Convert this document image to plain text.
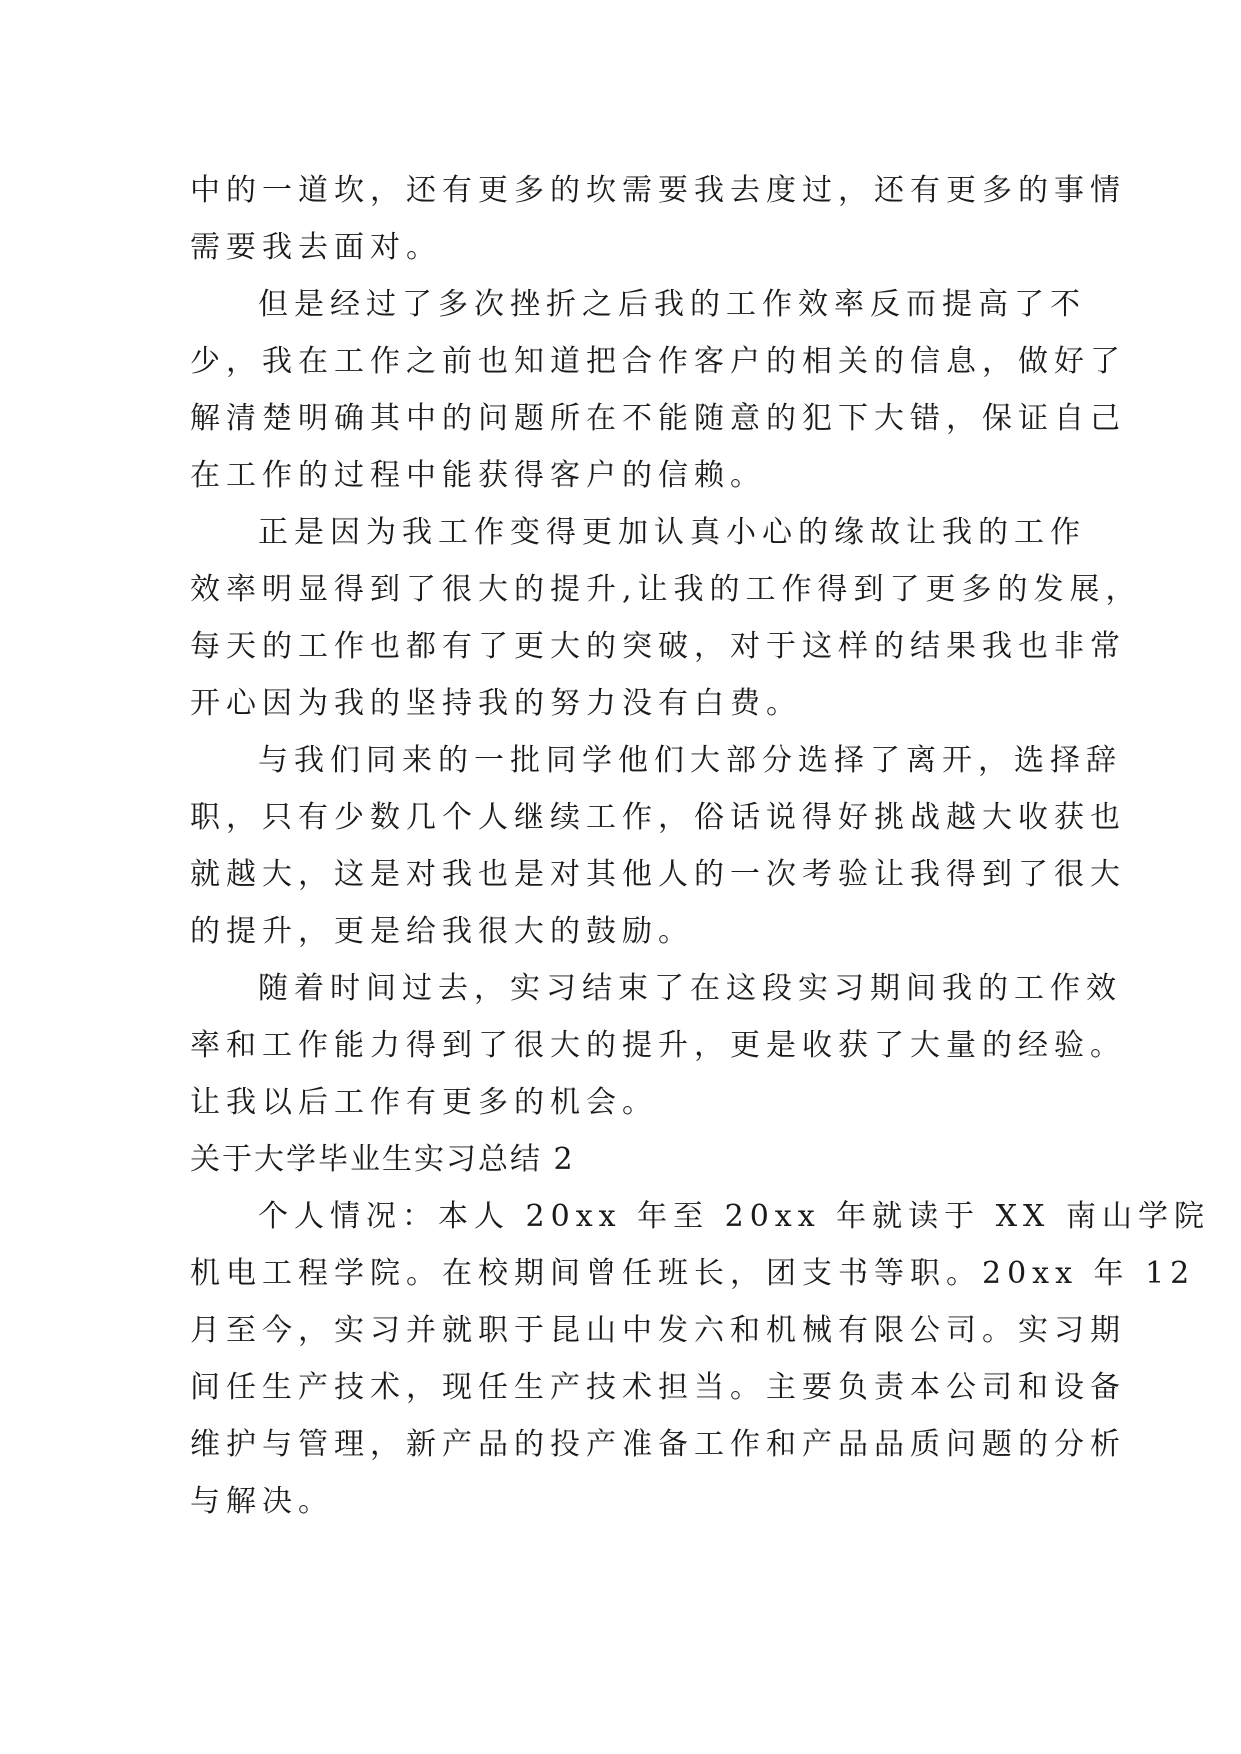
中的一道坎，还有更多的坎需要我去度过，还有更多的事情
需要我去面对。
但是经过了多次挫折之后我的工作效率反而提高了不
少，我在工作之前也知道把合作客户的相关的信息，做好了
解清楚明确其中的问题所在不能随意的犯下大错，保证自己
在工作的过程中能获得客户的信赖。
正是因为我工作变得更加认真小心的缘故让我的工作
效率明显得到了很大的提升,让我的工作得到了更多的发展，
每天的工作也都有了更大的突破，对于这样的结果我也非常
开心因为我的坚持我的努力没有白费。
与我们同来的一批同学他们大部分选择了离开，选择辞
职，只有少数几个人继续工作，俗话说得好挑战越大收获也
就越大，这是对我也是对其他人的一次考验让我得到了很大
的提升，更是给我很大的鼓励。
随着时间过去，实习结束了在这段实习期间我的工作效
率和工作能力得到了很大的提升，更是收获了大量的经验。
让我以后工作有更多的机会。
关于大学毕业生实习总结 2
个人情况：本人 20xx 年至 20xx 年就读于 XX 南山学院
机电工程学院。在校期间曾任班长，团支书等职。20xx 年 12
月至今，实习并就职于昆山中发六和机械有限公司。实习期
间任生产技术，现任生产技术担当。主要负责本公司和设备
维护与管理，新产品的投产准备工作和产品品质问题的分析
与解决。
